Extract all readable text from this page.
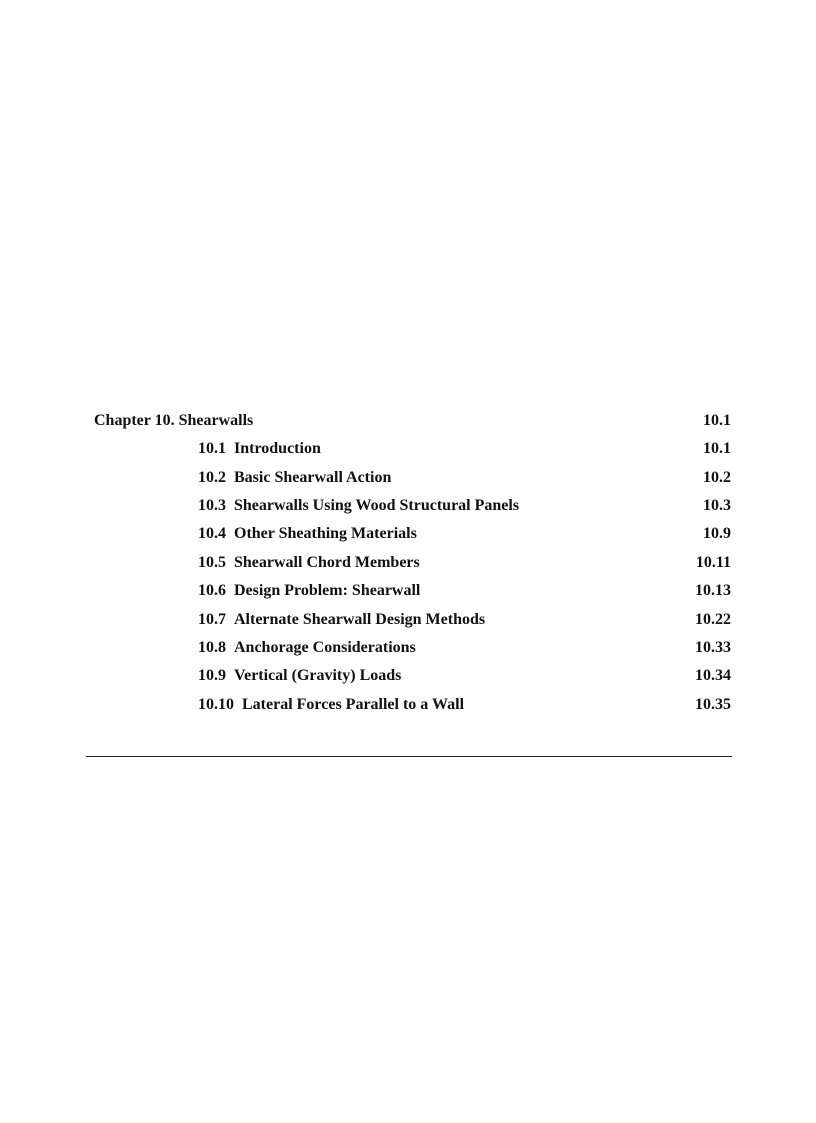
Chapter 10. Shearwalls	10.1
10.1 Introduction	10.1
10.2 Basic Shearwall Action	10.2
10.3 Shearwalls Using Wood Structural Panels	10.3
10.4 Other Sheathing Materials	10.9
10.5 Shearwall Chord Members	10.11
10.6 Design Problem: Shearwall	10.13
10.7 Alternate Shearwall Design Methods	10.22
10.8 Anchorage Considerations	10.33
10.9 Vertical (Gravity) Loads	10.34
10.10 Lateral Forces Parallel to a Wall	10.35
